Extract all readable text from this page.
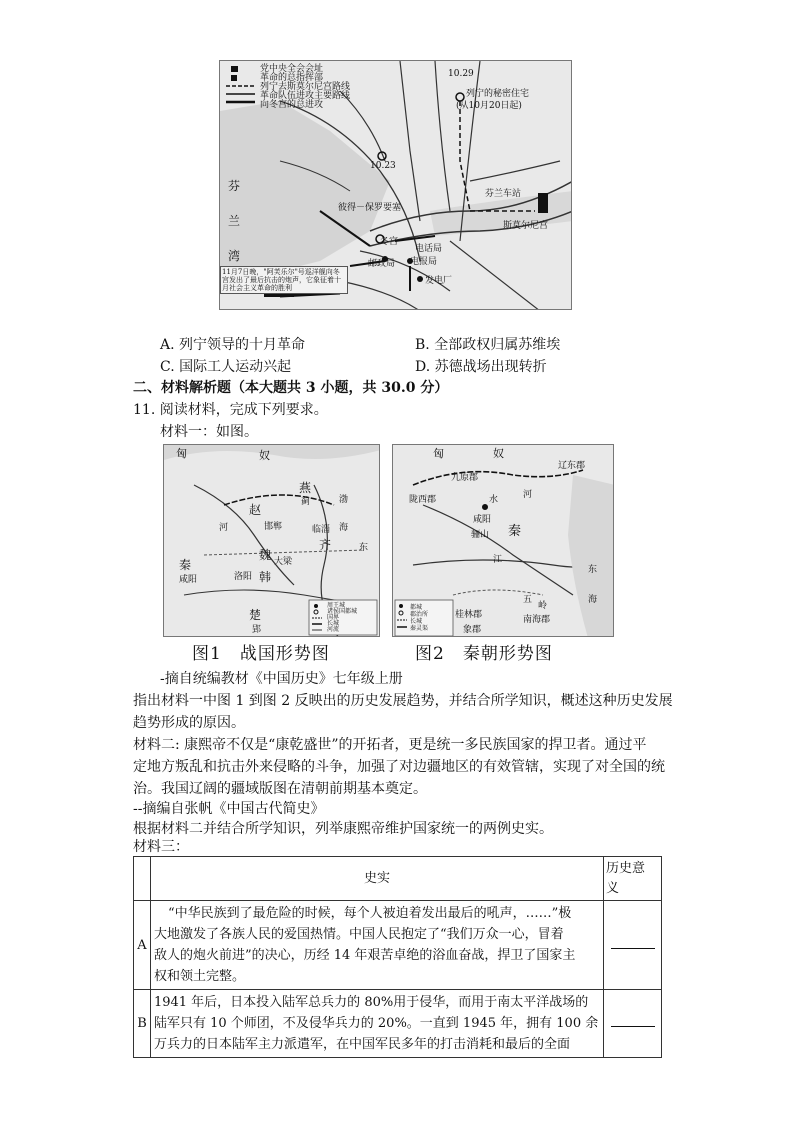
党中央全会会址
革命的总指挥部
列宁去斯莫尔尼宫路线
革命队伍进攻主要路线
向冬宫的总进攻
10.29
列宁的秘密住宅
(从10月20日起)
10.23
芬
兰
湾
芬兰车站
彼得－保罗要塞
斯莫尔尼宫
冬宫
电话局
邮政局 电报局
发电厂
11月7日晚，"阿芙乐尔"号巡洋舰向冬宫发出了最后抗击的炮声，它象征着十月社会主义革命的胜利
A. 列宁领导的十月革命	B. 全部政权归属苏维埃
C. 国际工人运动兴起	D. 苏德战场出现转折
二、材料解析题（本大题共 3 小题，共 30.0 分）
11. 阅读材料，完成下列要求。
材料一：如图。
匈	奴
燕
蓟	渤
赵
邯郸	临淄 海
齐	东
河
魏 大梁
秦
咸阳	洛阳 韩
楚
郢
周王城
诸侯国都城
国界
长城
河流
匈	奴
九原郡
辽东郡
陇西郡
咸阳
骊山 秦
河
水
江
东
海
五
岭
桂林郡	南海郡
象郡
都城
郡治所
长城
秦灵渠
图1　战国形势图	图2　秦朝形势图
-摘自统编教材《中国历史》七年级上册
指出材料一中图 1 到图 2 反映出的历史发展趋势，并结合所学知识，概述这种历史发展
趋势形成的原因。
材料二: 康熙帝不仅是“康乾盛世”的开拓者，更是统一多民族国家的捍卫者。通过平
定地方叛乱和抗击外来侵略的斗争，加强了对边疆地区的有效管辖，实现了对全国的统
治。我国辽阔的疆域版图在清朝前期基本奠定。
--摘编自张帆《中国古代简史》
根据材料二并结合所学知识，列举康熙帝维护国家统一的两例史实。
材料三：
	史实	历史意
义

A	“中华民族到了最危险的时候，每个人被迫着发出最后的吼声，……”极
大地激发了各族人民的爱国热情。中国人民抱定了“我们万众一心，冒着
敌人的炮火前进”的决心，历经 14 年艰苦卓绝的浴血奋战，捍卫了国家主
权和领土完整。	

B	1941 年后，日本投入陆军总兵力的 80%用于侵华，而用于南太平洋战场的
陆军只有 10 个师团，不及侵华兵力的 20%。一直到 1945 年，拥有 100 余
万兵力的日本陆军主力派遣军，在中国军民多年的打击消耗和最后的全面	
